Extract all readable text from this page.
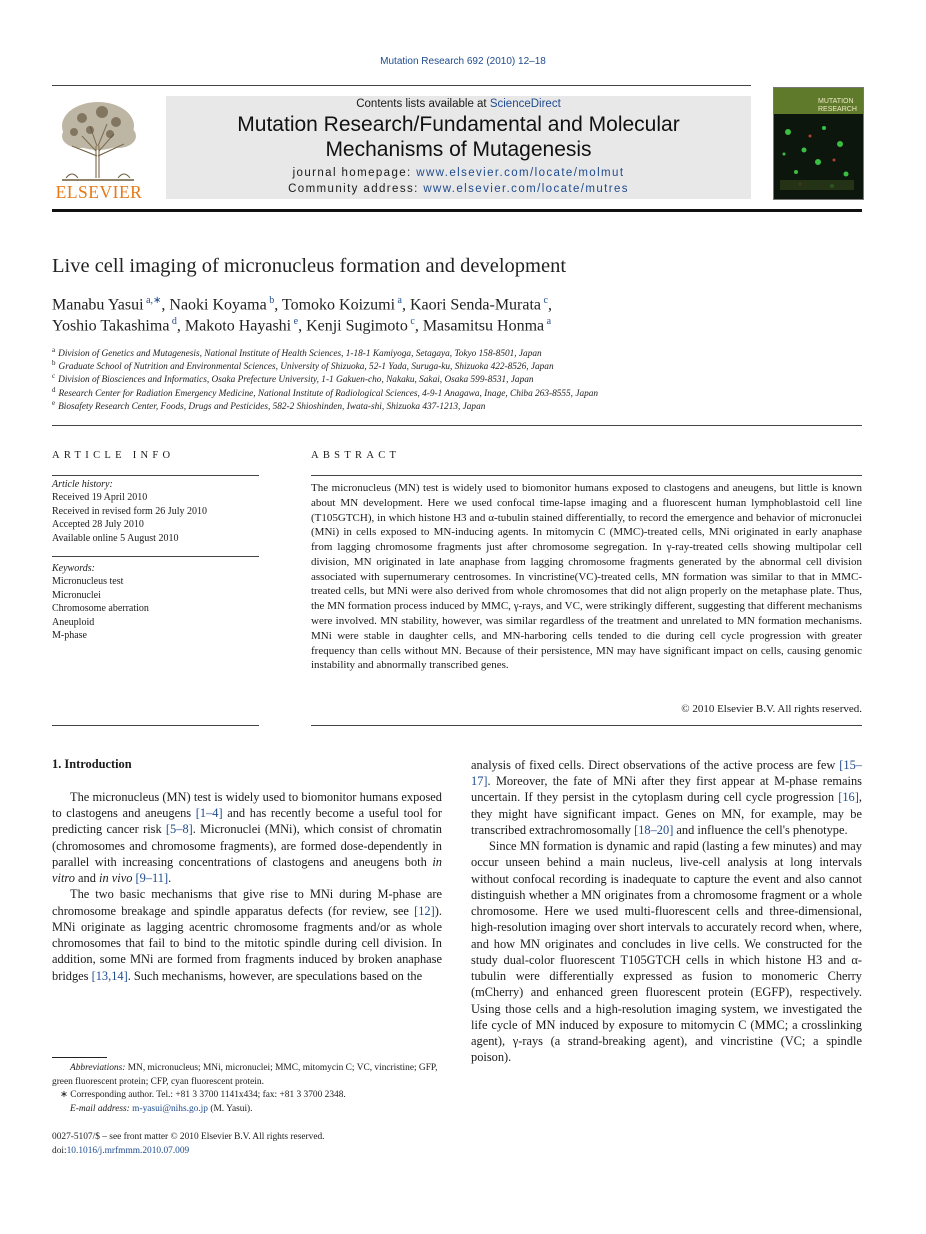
Mutation Research 692 (2010) 12–18
ELSEVIER
Contents lists available at ScienceDirect
Mutation Research/Fundamental and Molecular
Mechanisms of Mutagenesis
journal homepage: www.elsevier.com/locate/molmut
Community address: www.elsevier.com/locate/mutres
MUTATION
RESEARCH
Live cell imaging of micronucleus formation and development
Manabu Yasui $^{a,∗}$, Naoki Koyama $^b$, Tomoko Koizumi $^a$, Kaori Senda-Murata $^c$,
Yoshio Takashima $^d$, Makoto Hayashi $^e$, Kenji Sugimoto $^c$, Masamitsu Honma $^a$
$^a$ Division of Genetics and Mutagenesis, National Institute of Health Sciences, 1-18-1 Kamiyoga, Setagaya, Tokyo 158-8501, Japan
$^b$ Graduate School of Nutrition and Environmental Sciences, University of Shizuoka, 52-1 Yada, Suruga-ku, Shizuoka 422-8526, Japan
$^c$ Division of Biosciences and Informatics, Osaka Prefecture University, 1-1 Gakuen-cho, Nakaku, Sakai, Osaka 599-8531, Japan
$^d$ Research Center for Radiation Emergency Medicine, National Institute of Radiological Sciences, 4-9-1 Anagawa, Inage, Chiba 263-8555, Japan
$^e$ Biosafety Research Center, Foods, Drugs and Pesticides, 582-2 Shioshinden, Iwata-shi, Shizuoka 437-1213, Japan
ARTICLE INFO
Article history:
Received 19 April 2010
Received in revised form 26 July 2010
Accepted 28 July 2010
Available online 5 August 2010
Keywords:
Micronucleus test
Micronuclei
Chromosome aberration
Aneuploid
M-phase
ABSTRACT
The micronucleus (MN) test is widely used to biomonitor humans exposed to clastogens and aneugens, but little is known about MN development. Here we used confocal time-lapse imaging and a fluorescent human lymphoblastoid cell line (T105GTCH), in which histone H3 and α-tubulin stained differentially, to record the emergence and behavior of micronuclei (MNi) in cells exposed to MN-inducing agents. In mitomycin C (MMC)-treated cells, MNi originated in early anaphase from lagging chromosome fragments just after chromosome segregation. In γ-ray-treated cells showing multipolar cell division, MN originated in late anaphase from lagging chromosome fragments generated by the abnormal cell division associated with supernumerary centrosomes. In vincristine(VC)-treated cells, MN formation was similar to that in MMC-treated cells, but MNi were also derived from whole chromosomes that did not align properly on the metaphase plate. Thus, the MN formation process induced by MMC, γ-rays, and VC, were strikingly different, suggesting that different mechanisms were involved. MN stability, however, was similar regardless of the treatment and unrelated to MN formation mechanisms. MNi were stable in daughter cells, and MN-harboring cells tended to die during cell cycle progression with greater frequency than cells without MN. Because of their persistence, MN may have significant impact on cells, causing genomic instability and abnormally transcribed genes.
© 2010 Elsevier B.V. All rights reserved.
1. Introduction

The micronucleus (MN) test is widely used to biomonitor humans exposed to clastogens and aneugens [1–4] and has recently become a useful tool for predicting cancer risk [5–8]. Micronuclei (MNi), which consist of chromatin (chromosomes and chromosome fragments), are formed dose-dependently in parallel with increasing concentrations of clastogens and aneugens both in vitro and in vivo [9–11].

The two basic mechanisms that give rise to MNi during M-phase are chromosome breakage and spindle apparatus defects (for review, see [12]). MNi originate as lagging acentric chromosome fragments and/or as whole chromosomes that fail to bind to the mitotic spindle during cell division. In addition, some MNi are formed from fragments induced by broken anaphase bridges [13,14]. Such mechanisms, however, are speculations based on the

analysis of fixed cells. Direct observations of the active process are few [15–17]. Moreover, the fate of MNi after they first appear at M-phase remains uncertain. If they persist in the cytoplasm during cell cycle progression [16], they might have significant impact. Genes on MN, for example, may be transcribed extrachromosomally [18–20] and influence the cell's phenotype.

Since MN formation is dynamic and rapid (lasting a few minutes) and may occur unseen behind a main nucleus, live-cell analysis at long intervals without confocal recording is inadequate to capture the event and also cannot distinguish whether a MN originates from a chromosome fragment or a whole chromosome. Here we used multi-fluorescent cells and three-dimensional, high-resolution imaging over short intervals to accurately record when, where, and how MN originates and concludes in live cells. We constructed for the study dual-color fluorescent T105GTCH cells in which histone H3 and α-tubulin were differentially expressed as fusion to monomeric Cherry (mCherry) and enhanced green fluorescent protein (EGFP), respectively. Using those cells and a high-resolution imaging system, we investigated the life cycle of MN induced by exposure to mitomycin C (MMC; a crosslinking agent), γ-rays (a strand-breaking agent), and vincristine (VC; a spindle poison).

Abbreviations: MN, micronucleus; MNi, micronuclei; MMC, mitomycin C; VC, vincristine; GFP, green fluorescent protein; CFP, cyan fluorescent protein.
∗ Corresponding author. Tel.: +81 3 3700 1141x434; fax: +81 3 3700 2348.
E-mail address: m-yasui@nihs.go.jp (M. Yasui).
0027-5107/$ – see front matter © 2010 Elsevier B.V. All rights reserved.
doi:10.1016/j.mrfmmm.2010.07.009
